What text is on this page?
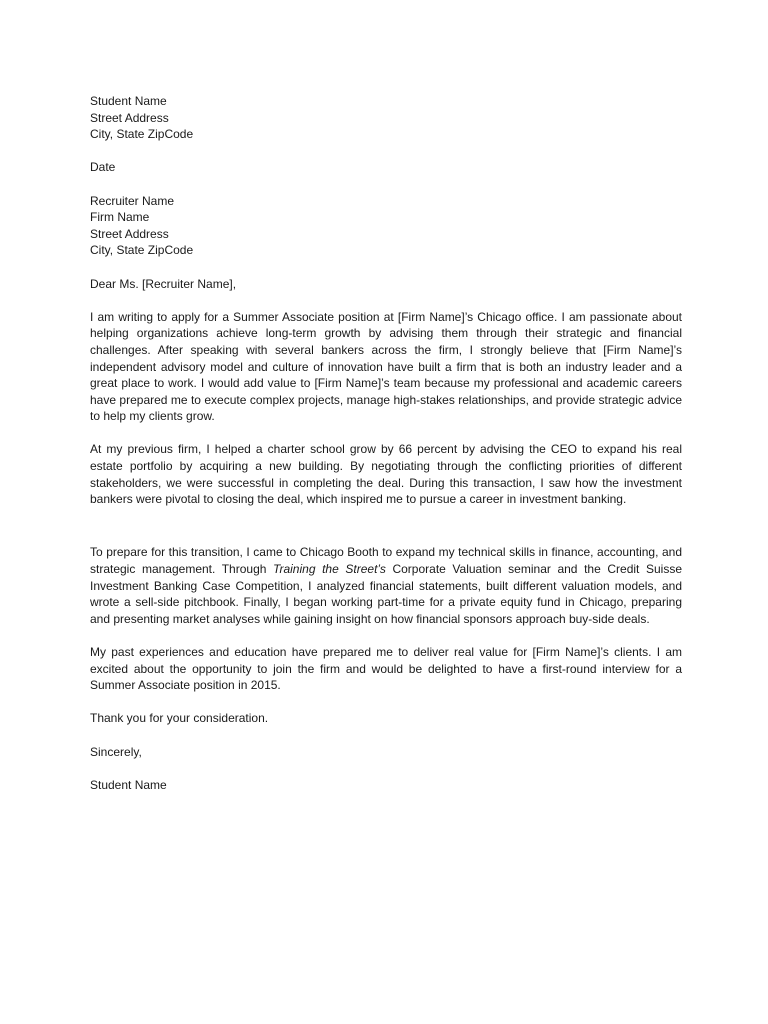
Student Name

Street Address

City, State ZipCode

Date

Recruiter Name

Firm Name

Street Address

City, State ZipCode

Dear Ms. [Recruiter Name],

I am writing to apply for a Summer Associate position at [Firm Name]’s Chicago office. I am passionate about helping organizations achieve long-term growth by advising them through their strategic and financial challenges. After speaking with several bankers across the firm, I strongly believe that [Firm Name]’s independent advisory model and culture of innovation have built a firm that is both an industry leader and a great place to work. I would add value to [Firm Name]’s team because my professional and academic careers have prepared me to execute complex projects, manage high-stakes relationships, and provide strategic advice to help my clients grow.

At my previous firm, I helped a charter school grow by 66 percent by advising the CEO to expand his real estate portfolio by acquiring a new building. By negotiating through the conflicting priorities of different stakeholders, we were successful in completing the deal. During this transaction, I saw how the investment bankers were pivotal to closing the deal, which inspired me to pursue a career in investment banking.

To prepare for this transition, I came to Chicago Booth to expand my technical skills in finance, accounting, and strategic management. Through Training the Street’s Corporate Valuation seminar and the Credit Suisse Investment Banking Case Competition, I analyzed financial statements, built different valuation models, and wrote a sell-side pitchbook. Finally, I began working part-time for a private equity fund in Chicago, preparing and presenting market analyses while gaining insight on how financial sponsors approach buy-side deals.

My past experiences and education have prepared me to deliver real value for [Firm Name]’s clients. I am excited about the opportunity to join the firm and would be delighted to have a first-round interview for a Summer Associate position in 2015.

Thank you for your consideration.

Sincerely,

Student Name
